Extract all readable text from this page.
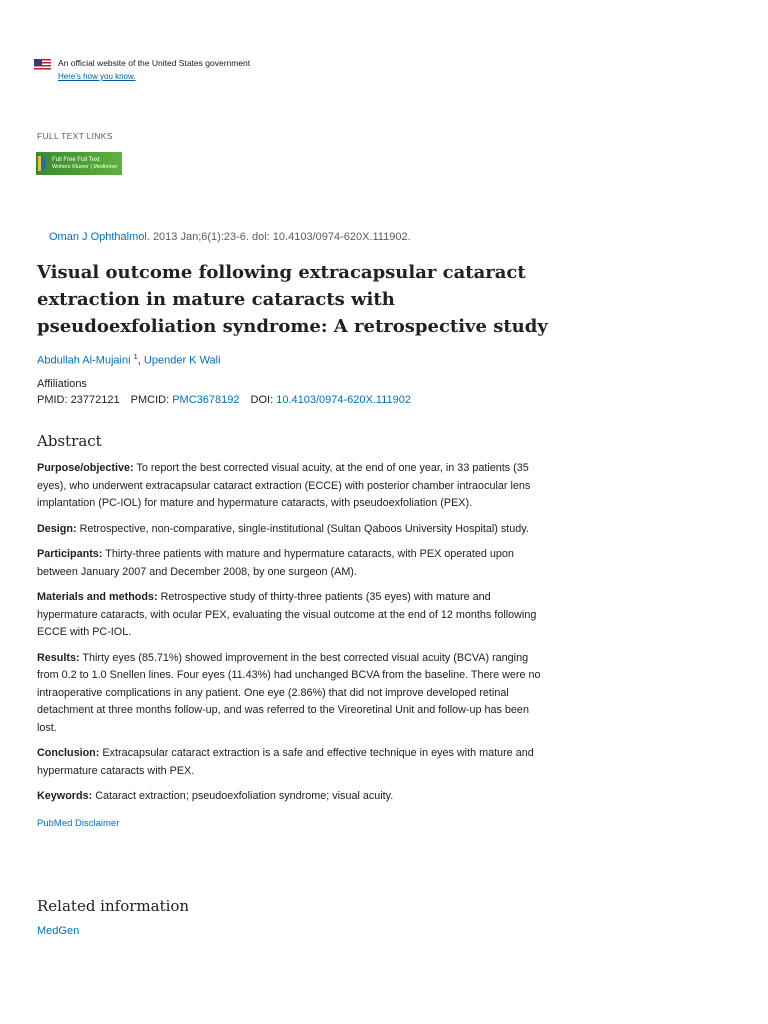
An official website of the United States government
Here's how you know.
FULL TEXT LINKS
Full Free Full Text
Wolters Kluwer | Medknow
Oman J Ophthalmol. 2013 Jan;6(1):23-6. doi: 10.4103/0974-620X.111902.
Visual outcome following extracapsular cataract extraction in mature cataracts with pseudoexfoliation syndrome: A retrospective study
Abdullah Al-Mujaini $^1$, Upender K Wali
Affiliations
PMID: 23772121 PMCID: PMC3678192 DOI: 10.4103/0974-620X.111902
Abstract

Purpose/objective: To report the best corrected visual acuity, at the end of one year, in 33 patients (35 eyes), who underwent extracapsular cataract extraction (ECCE) with posterior chamber intraocular lens implantation (PC-IOL) for mature and hypermature cataracts, with pseudoexfoliation (PEX).

Design: Retrospective, non-comparative, single-institutional (Sultan Qaboos University Hospital) study.

Participants: Thirty-three patients with mature and hypermature cataracts, with PEX operated upon between January 2007 and December 2008, by one surgeon (AM).

Materials and methods: Retrospective study of thirty-three patients (35 eyes) with mature and hypermature cataracts, with ocular PEX, evaluating the visual outcome at the end of 12 months following ECCE with PC-IOL.

Results: Thirty eyes (85.71%) showed improvement in the best corrected visual acuity (BCVA) ranging from 0.2 to 1.0 Snellen lines. Four eyes (11.43%) had unchanged BCVA from the baseline. There were no intraoperative complications in any patient. One eye (2.86%) that did not improve developed retinal detachment at three months follow-up, and was referred to the Vireoretinal Unit and follow-up has been lost.

Conclusion: Extracapsular cataract extraction is a safe and effective technique in eyes with mature and hypermature cataracts with PEX.

Keywords: Cataract extraction; pseudoexfoliation syndrome; visual acuity.

PubMed Disclaimer
Related information
MedGen
